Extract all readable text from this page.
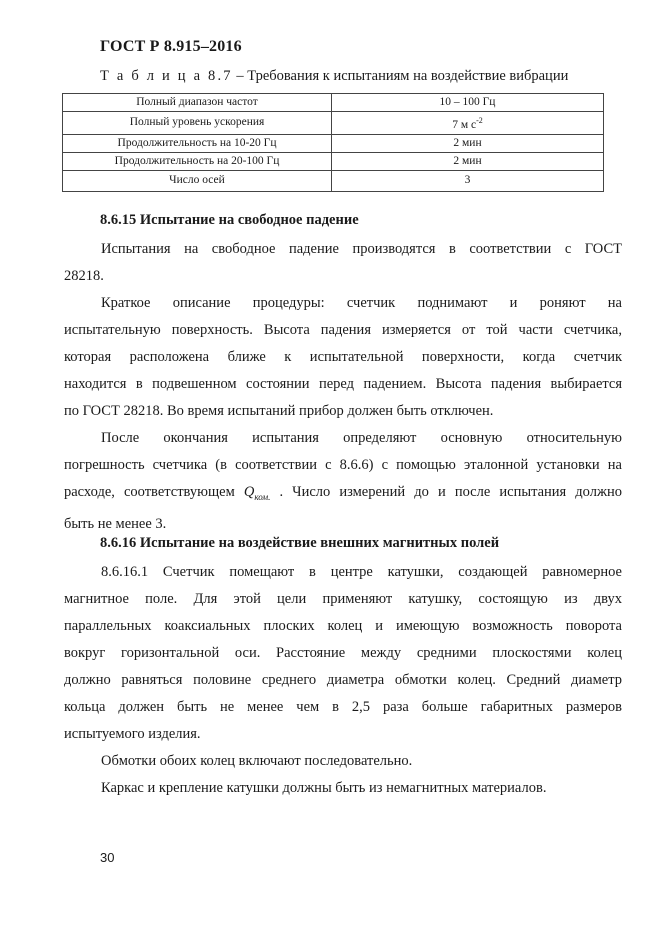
ГОСТ Р 8.915–2016
Т а б л и ц а 8.7 – Требования к испытаниям на воздействие вибрации
Полный диапазон частот	10 – 100 Гц
Полный уровень ускорения	7 м $с^{-2}$
Продолжительность на 10-20 Гц	2 мин
Продолжительность на 20-100 Гц	2 мин
Число осей	3
8.6.15 Испытание на свободное падение
Испытания на свободное падение производятся в соответствии с ГОСТ
28218.
Краткое описание процедуры: счетчик поднимают и роняют на
испытательную поверхность. Высота падения измеряется от той части счетчика,
которая расположена ближе к испытательной поверхности, когда счетчик
находится в подвешенном состоянии перед падением. Высота падения выбирается
по ГОСТ 28218. Во время испытаний прибор должен быть отключен.
После окончания испытания определяют основную относительную
погрешность счетчика (в соответствии с 8.6.6) с помощью эталонной установки на
расходе, соответствующем $Q_{ком.}$ . Число измерений до и после испытания должно
быть не менее 3.
8.6.16 Испытание на воздействие внешних магнитных полей
8.6.16.1 Счетчик помещают в центре катушки, создающей равномерное
магнитное поле. Для этой цели применяют катушку, состоящую из двух
параллельных коаксиальных плоских колец и имеющую возможность поворота
вокруг горизонтальной оси. Расстояние между средними плоскостями колец
должно равняться половине среднего диаметра обмотки колец. Средний диаметр
кольца должен быть не менее чем в 2,5 раза больше габаритных размеров
испытуемого изделия.
Обмотки обоих колец включают последовательно.
Каркас и крепление катушки должны быть из немагнитных материалов.
30
